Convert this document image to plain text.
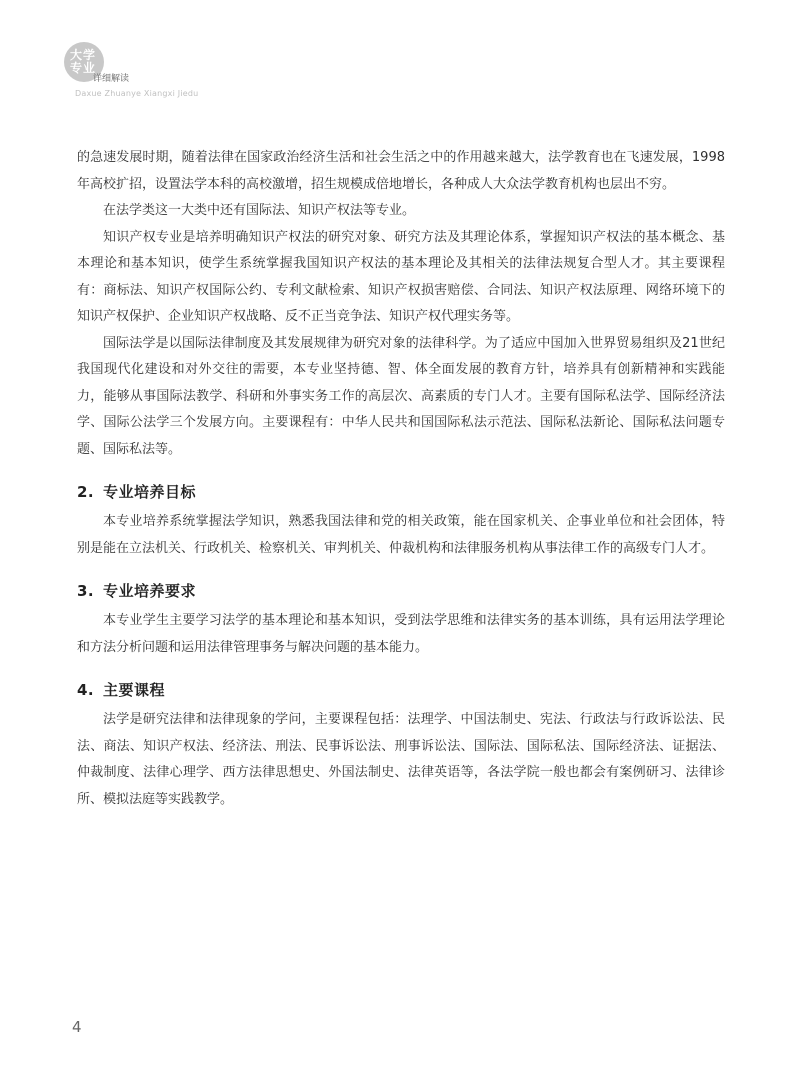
大学专业
详细解读
Daxue Zhuanye Xiangxi Jiedu

的急速发展时期，随着法律在国家政治经济生活和社会生活之中的作用越来越大，法学教育也在飞速发展，1998年高校扩招，设置法学本科的高校激增，招生规模成倍地增长，各种成人大众法学教育机构也层出不穷。

在法学类这一大类中还有国际法、知识产权法等专业。

知识产权专业是培养明确知识产权法的研究对象、研究方法及其理论体系，掌握知识产权法的基本概念、基本理论和基本知识，使学生系统掌握我国知识产权法的基本理论及其相关的法律法规复合型人才。其主要课程有：商标法、知识产权国际公约、专利文献检索、知识产权损害赔偿、合同法、知识产权法原理、网络环境下的知识产权保护、企业知识产权战略、反不正当竞争法、知识产权代理实务等。

国际法学是以国际法律制度及其发展规律为研究对象的法律科学。为了适应中国加入世界贸易组织及21世纪我国现代化建设和对外交往的需要，本专业坚持德、智、体全面发展的教育方针，培养具有创新精神和实践能力，能够从事国际法教学、科研和外事实务工作的高层次、高素质的专门人才。主要有国际私法学、国际经济法学、国际公法学三个发展方向。主要课程有：中华人民共和国国际私法示范法、国际私法新论、国际私法问题专题、国际私法等。

2. 专业培养目标

本专业培养系统掌握法学知识，熟悉我国法律和党的相关政策，能在国家机关、企事业单位和社会团体，特别是能在立法机关、行政机关、检察机关、审判机关、仲裁机构和法律服务机构从事法律工作的高级专门人才。

3. 专业培养要求

本专业学生主要学习法学的基本理论和基本知识，受到法学思维和法律实务的基本训练，具有运用法学理论和方法分析问题和运用法律管理事务与解决问题的基本能力。

4. 主要课程

法学是研究法律和法律现象的学问，主要课程包括：法理学、中国法制史、宪法、行政法与行政诉讼法、民法、商法、知识产权法、经济法、刑法、民事诉讼法、刑事诉讼法、国际法、国际私法、国际经济法、证据法、仲裁制度、法律心理学、西方法律思想史、外国法制史、法律英语等，各法学院一般也都会有案例研习、法律诊所、模拟法庭等实践教学。

4
